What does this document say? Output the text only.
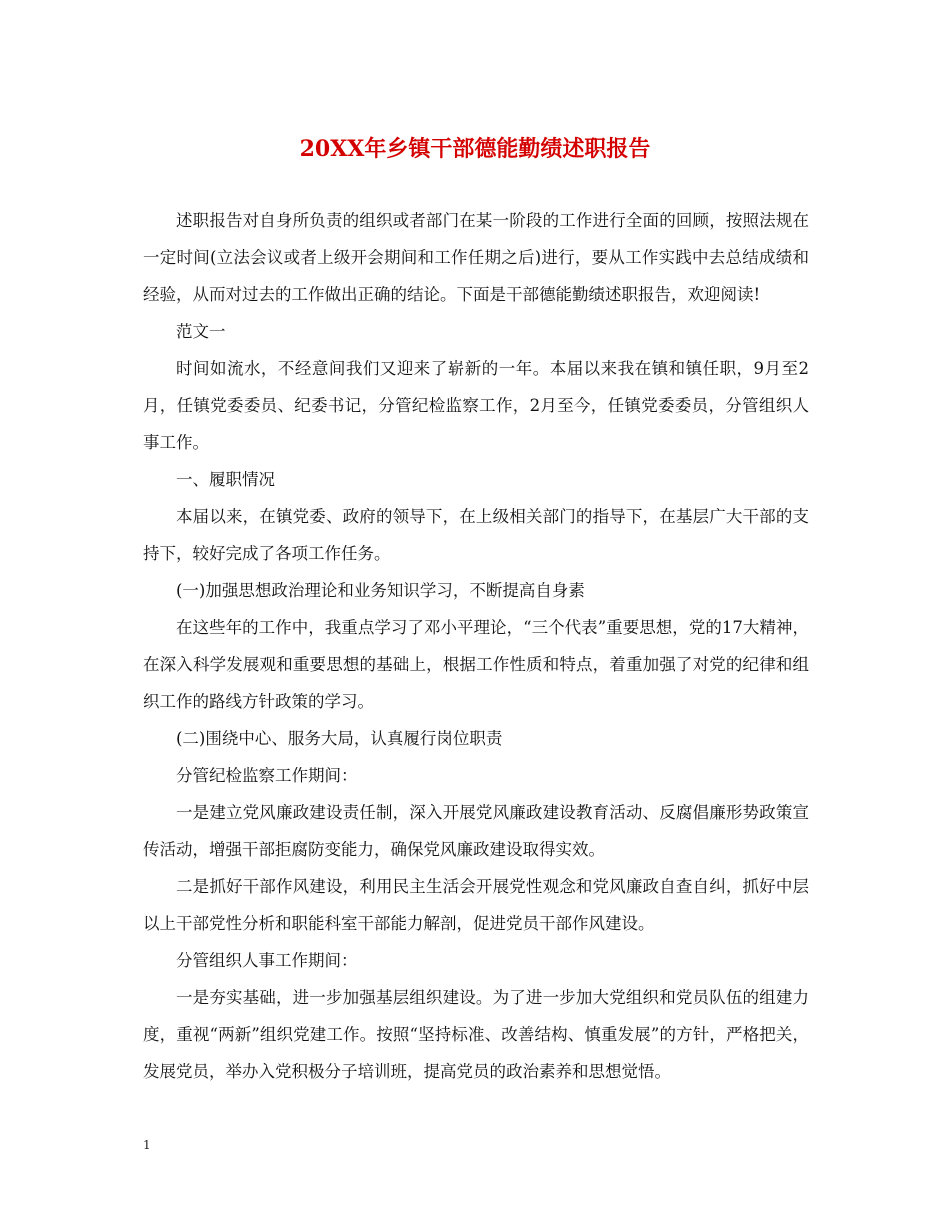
20XX年乡镇干部德能勤绩述职报告

述职报告对自身所负责的组织或者部门在某一阶段的工作进行全面的回顾，按照法规在一定时间(立法会议或者上级开会期间和工作任期之后)进行，要从工作实践中去总结成绩和经验，从而对过去的工作做出正确的结论。下面是干部德能勤绩述职报告，欢迎阅读!

范文一

时间如流水，不经意间我们又迎来了崭新的一年。本届以来我在镇和镇任职，9月至2月，任镇党委委员、纪委书记，分管纪检监察工作，2月至今，任镇党委委员，分管组织人事工作。

一、履职情况

本届以来，在镇党委、政府的领导下，在上级相关部门的指导下，在基层广大干部的支持下，较好完成了各项工作任务。

(一)加强思想政治理论和业务知识学习，不断提高自身素

在这些年的工作中，我重点学习了邓小平理论，“三个代表”重要思想，党的17大精神，在深入科学发展观和重要思想的基础上，根据工作性质和特点，着重加强了对党的纪律和组织工作的路线方针政策的学习。

(二)围绕中心、服务大局，认真履行岗位职责

分管纪检监察工作期间：

一是建立党风廉政建设责任制，深入开展党风廉政建设教育活动、反腐倡廉形势政策宣传活动，增强干部拒腐防变能力，确保党风廉政建设取得实效。

二是抓好干部作风建设，利用民主生活会开展党性观念和党风廉政自查自纠，抓好中层以上干部党性分析和职能科室干部能力解剖，促进党员干部作风建设。

分管组织人事工作期间：

一是夯实基础，进一步加强基层组织建设。为了进一步加大党组织和党员队伍的组建力度，重视“两新”组织党建工作。按照“坚持标准、改善结构、慎重发展”的方针，严格把关，发展党员，举办入党积极分子培训班，提高党员的政治素养和思想觉悟。

1
